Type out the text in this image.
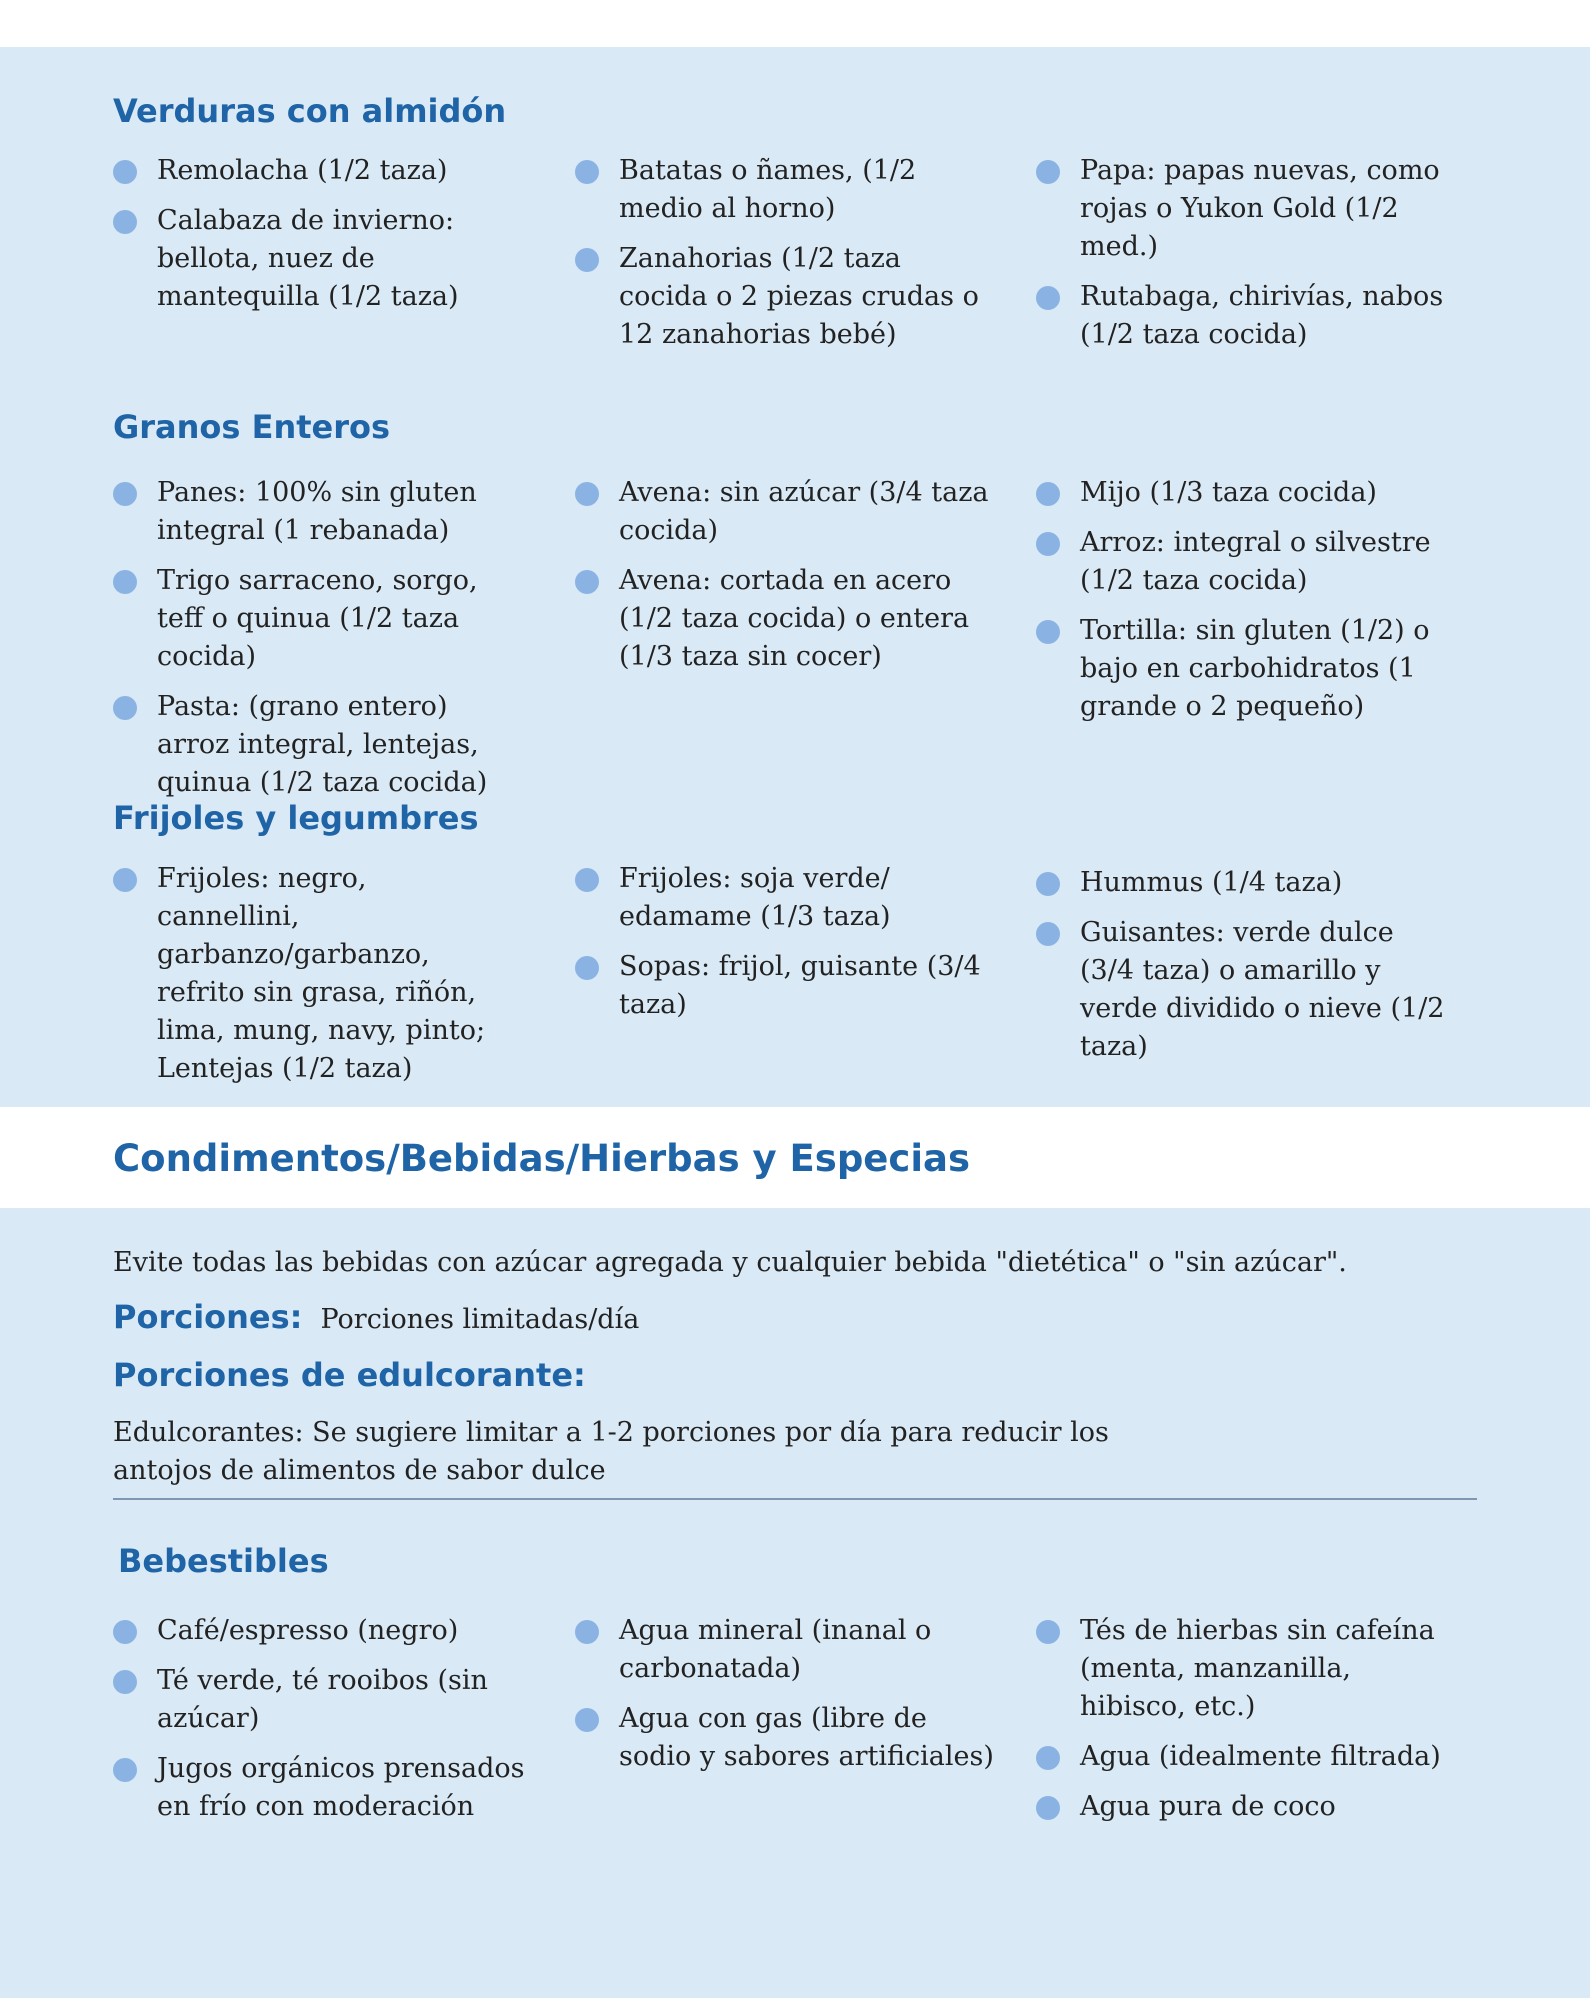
Verduras con almidón
Remolacha (1/2 taza)
Calabaza de invierno: bellota, nuez de mantequilla (1/2 taza)
Batatas o ñames, (1/2 medio al horno)
Zanahorias (1/2 taza cocida o 2 piezas crudas o 12 zanahorias bebé)
Papa: papas nuevas, como rojas o Yukon Gold (1/2 med.)
Rutabaga, chirivías, nabos (1/2 taza cocida)
Granos Enteros
Panes: 100% sin gluten integral (1 rebanada)
Trigo sarraceno, sorgo, teff o quinua (1/2 taza cocida)
Pasta: (grano entero) arroz integral, lentejas, quinua (1/2 taza cocida)
Avena: sin azúcar (3/4 taza cocida)
Avena: cortada en acero (1/2 taza cocida) o entera (1/3 taza sin cocer)
Mijo (1/3 taza cocida)
Arroz: integral o silvestre (1/2 taza cocida)
Tortilla: sin gluten (1/2) o bajo en carbohidratos (1 grande o 2 pequeño)
Frijoles y legumbres
Frijoles: negro, cannellini, garbanzo/garbanzo, refrito sin grasa, riñón, lima, mung, navy, pinto; Lentejas (1/2 taza)
Frijoles: soja verde/ edamame (1/3 taza)
Sopas: frijol, guisante (3/4 taza)
Hummus (1/4 taza)
Guisantes: verde dulce (3/4 taza) o amarillo y verde dividido o nieve (1/2 taza)
Condimentos/Bebidas/Hierbas y Especias

Evite todas las bebidas con azúcar agregada y cualquier bebida "dietética" o "sin azúcar".

Porciones: Porciones limitadas/día
Porciones de edulcorante:

Edulcorantes: Se sugiere limitar a 1-2 porciones por día para reducir los antojos de alimentos de sabor dulce

Bebestibles
Café/espresso (negro)
Té verde, té rooibos (sin azúcar)
Jugos orgánicos prensados en frío con moderación
Agua mineral (inanal o carbonatada)
Agua con gas (libre de sodio y sabores artificiales)
Tés de hierbas sin cafeína (menta, manzanilla, hibisco, etc.)
Agua (idealmente filtrada)
Agua pura de coco
